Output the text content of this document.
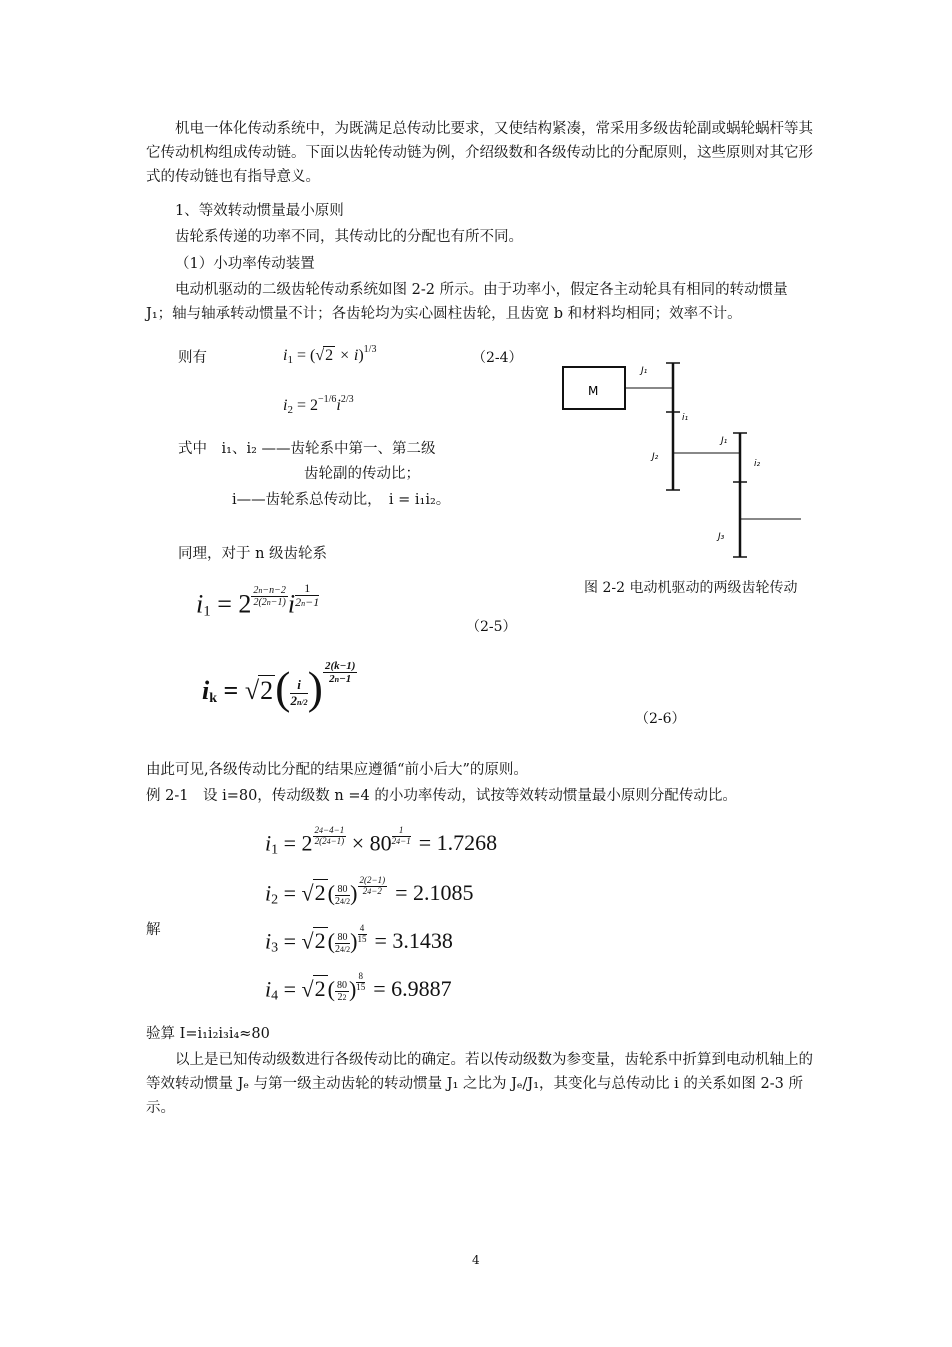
机电一体化传动系统中，为既满足总传动比要求，又使结构紧凑，常采用多级齿轮副或蜗轮蜗杆等其它传动机构组成传动链。下面以齿轮传动链为例，介绍级数和各级传动比的分配原则，这些原则对其它形式的传动链也有指导意义。
1、等效转动惯量最小原则
齿轮系传递的功率不同，其传动比的分配也有所不同。
（1）小功率传动装置
电动机驱动的二级齿轮传动系统如图 2-2 所示。由于功率小，假定各主动轮具有相同的转动惯量 J₁；轴与轴承转动惯量不计；各齿轮均为实心圆柱齿轮，且齿宽 b 和材料均相同；效率不计。
则有	$i_1 = (√2 \times i)^{1/3}$
（2-4）
$i_2 = 2^{-1/6}i^{2/3}$
式中　i₁、i₂ ——齿轮系中第一、第二级
齿轮副的传动比；
i——齿轮系总传动比，　i = i₁i₂。
同理，对于 n 级齿轮系
M
J₁
i₁
J₂
J₁
i₂
J₃
图 2-2 电动机驱动的两级齿轮传动
$i_1 = 2 \frac{2n-n-2}{2(2n-1)}$ i $\frac{1}{2n-1}$
（2-5）
$i_k = √2( \frac{i}{2n/2}$ ) $\frac{2(k-1)}{2n-1}$
（2-6）
由此可见,各级传动比分配的结果应遵循“前小后大”的原则。
例 2-1　设 i=80，传动级数 n =4 的小功率传动，试按等效转动惯量最小原则分配传动比。
解
$i_1 = 2 \frac{24-4-1}{2(24-1)} \times 80 \frac{1}{24-1} = 1.7268$
$i_2 = √2( \frac{80}{24/2}$ ) $\frac{2(2-1)}{24-2} = 2.1085$
$i_3 = √2( \frac{80}{24/2}$ ) $\frac{4}{15} = 3.1438$
$i_4 = √2( \frac{80}{22}$ ) $\frac{8}{15} = 6.9887$
验算 I=i₁i₂i₃i₄≈80
以上是已知传动级数进行各级传动比的确定。若以传动级数为参变量，齿轮系中折算到电动机轴上的等效转动惯量 Jₑ 与第一级主动齿轮的转动惯量 J₁ 之比为 Jₑ/J₁，其变化与总传动比 i 的关系如图 2-3 所示。
4
